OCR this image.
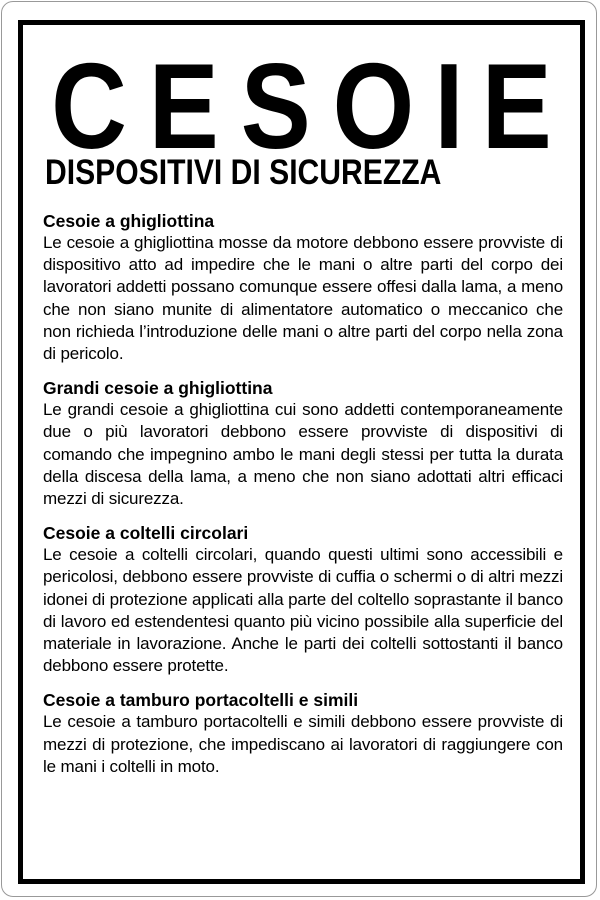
C E S O I E
DISPOSITIVI DI SICUREZZA

Cesoie a ghigliottina

Le cesoie a ghigliottina mosse da motore debbono essere provviste di dispositivo atto ad impedire che le mani o altre parti del corpo dei lavoratori addetti possano comunque essere offesi dalla lama, a meno che non siano munite di alimentatore automatico o meccanico che non richieda l’introduzione delle mani o altre parti del corpo nella zona di pericolo.

Grandi cesoie a ghigliottina

Le grandi cesoie a ghigliottina cui sono addetti contemporaneamente due o più lavoratori debbono essere provviste di dispositivi di comando che impegnino ambo le mani degli stessi per tutta la durata della discesa della lama, a meno che non siano adottati altri efficaci mezzi di sicurezza.

Cesoie a coltelli circolari

Le cesoie a coltelli circolari, quando questi ultimi sono accessibili e pericolosi, debbono essere provviste di cuffia o schermi o di altri mezzi idonei di protezione applicati alla parte del coltello soprastante il banco di lavoro ed estendentesi quanto più vicino possibile alla superficie del materiale in lavorazione. Anche le parti dei coltelli sottostanti il banco debbono essere protette.

Cesoie a tamburo portacoltelli e simili

Le cesoie a tamburo portacoltelli e simili debbono essere provviste di mezzi di protezione, che impediscano ai lavoratori di raggiungere con le mani i coltelli in moto.
